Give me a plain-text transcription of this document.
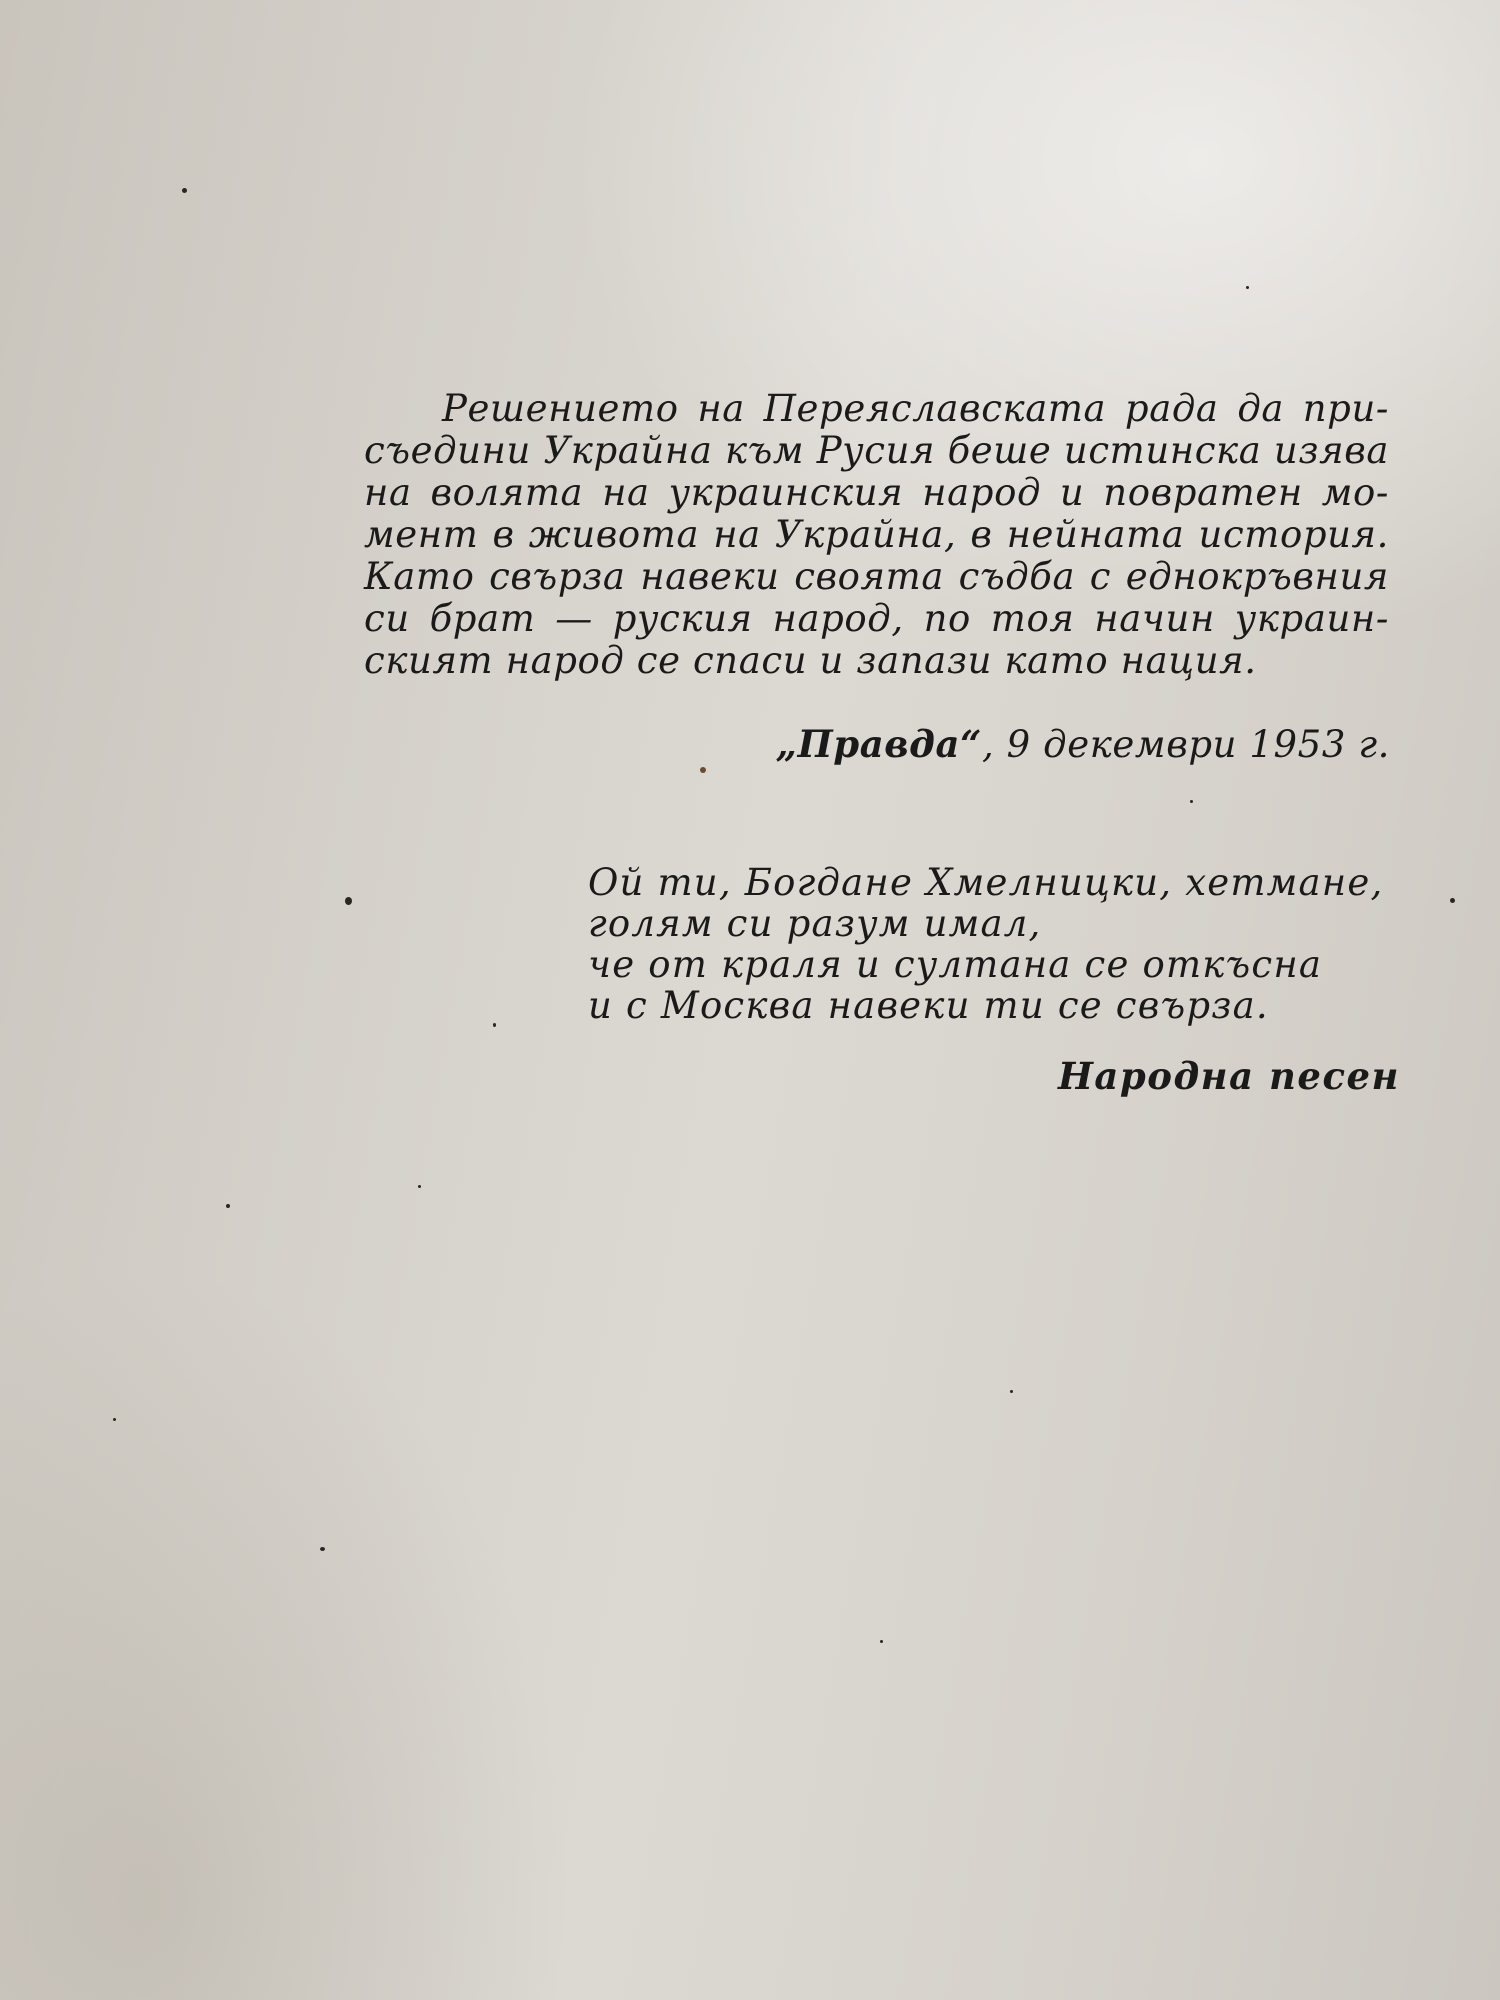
Решението на Переяславската рада да при-
съедини Украйна към Русия беше истинска изява
на волята на украинския народ и повратен мо-
мент в живота на Украйна, в нейната история.
Като свърза навеки своята съдба с еднокръвния
си брат — руския народ, по тоя начин украин-
ският народ се спаси и запази като нация.
„Правда“, 9 декември 1953 г.
Ой ти, Богдане Хмелницки, хетмане,
голям си разум имал,
че от краля и султана се откъсна
и с Москва навеки ти се свърза.
Народна песен
